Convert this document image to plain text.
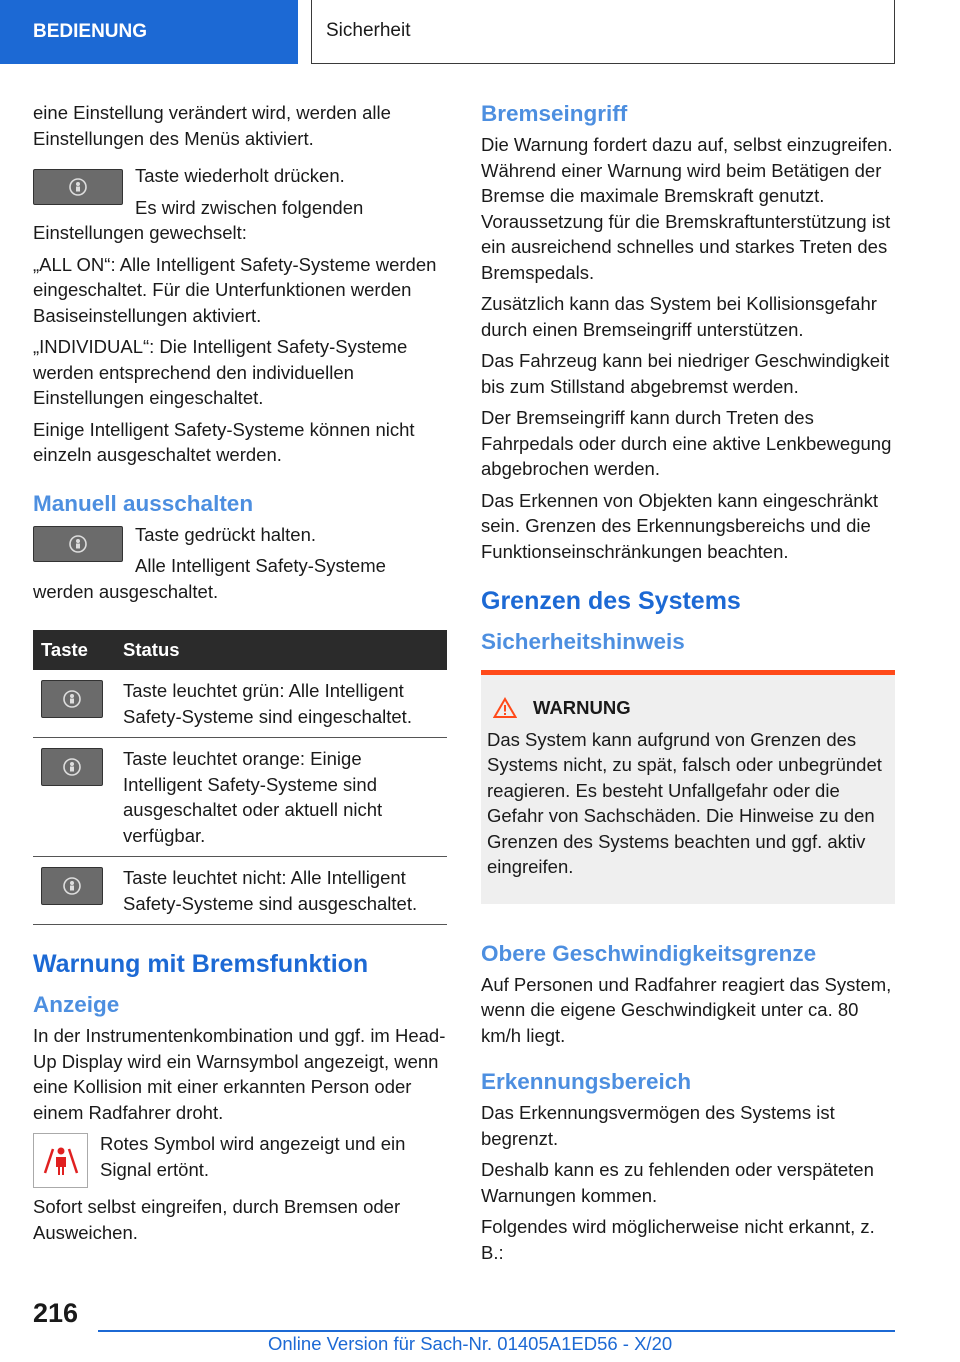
BEDIENUNG	Sicherheit

eine Einstellung verändert wird, werden alle Einstellungen des Menüs aktiviert.

Taste wiederholt drücken.

Es wird zwischen folgenden Einstellungen gewechselt:

„ALL ON“: Alle Intelligent Safety-Systeme werden eingeschaltet. Für die Unterfunktionen werden Basiseinstellungen aktiviert.

„INDIVIDUAL“: Die Intelligent Safety-Systeme werden entsprechend den individuellen Einstellungen eingeschaltet.

Einige Intelligent Safety-Systeme können nicht einzeln ausgeschaltet werden.

Manuell ausschalten

Taste gedrückt halten.

Alle Intelligent Safety-Systeme werden ausgeschaltet.

Taste	Status

	Taste leuchtet grün: Alle Intelligent Safety-Systeme sind eingeschaltet.

	Taste leuchtet orange: Einige Intelligent Safety-Systeme sind ausgeschaltet oder aktuell nicht verfügbar.

	Taste leuchtet nicht: Alle Intelligent Safety-Systeme sind ausgeschaltet.
Warnung mit Bremsfunktion
Anzeige

In der Instrumentenkombination und ggf. im Head-Up Display wird ein Warnsymbol angezeigt, wenn eine Kollision mit einer erkannten Person oder einem Radfahrer droht.

Rotes Symbol wird angezeigt und ein Signal ertönt.

Sofort selbst eingreifen, durch Bremsen oder Ausweichen.

Bremseingriff

Die Warnung fordert dazu auf, selbst einzugreifen. Während einer Warnung wird beim Betätigen der Bremse die maximale Bremskraft genutzt. Voraussetzung für die Bremskraftunterstützung ist ein ausreichend schnelles und starkes Treten des Bremspedals.

Zusätzlich kann das System bei Kollisionsgefahr durch einen Bremseingriff unterstützen.

Das Fahrzeug kann bei niedriger Geschwindigkeit bis zum Stillstand abgebremst werden.

Der Bremseingriff kann durch Treten des Fahrpedals oder durch eine aktive Lenkbewegung abgebrochen werden.

Das Erkennen von Objekten kann eingeschränkt sein. Grenzen des Erkennungsbereichs und die Funktionseinschränkungen beachten.

Grenzen des Systems
Sicherheitshinweis
WARNUNG

Das System kann aufgrund von Grenzen des Systems nicht, zu spät, falsch oder unbegründet reagieren. Es besteht Unfallgefahr oder die Gefahr von Sachschäden. Die Hinweise zu den Grenzen des Systems beachten und ggf. aktiv eingreifen.

Obere Geschwindigkeitsgrenze

Auf Personen und Radfahrer reagiert das System, wenn die eigene Geschwindigkeit unter ca. 80 km/h liegt.

Erkennungsbereich

Das Erkennungsvermögen des Systems ist begrenzt.

Deshalb kann es zu fehlenden oder verspäteten Warnungen kommen.

Folgendes wird möglicherweise nicht erkannt, z. B.:

216
Online Version für Sach-Nr. 01405A1ED56 - X/20
